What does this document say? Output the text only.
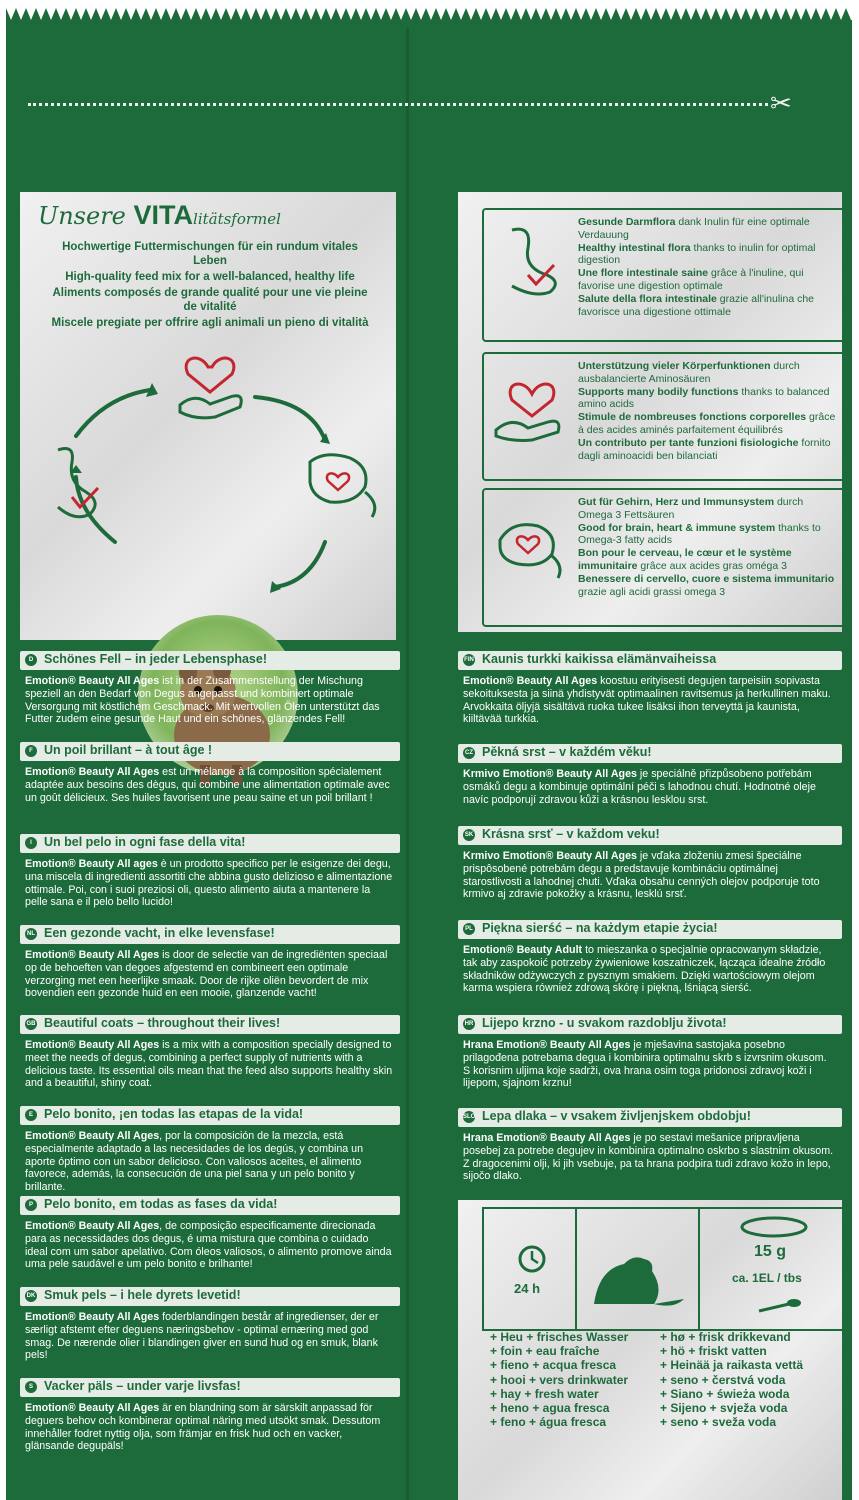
✂
Unsere VITAlitätsformel
Hochwertige Futtermischungen für ein rundum vitales Leben
High-quality feed mix for a well-balanced, healthy life
Aliments composés de grande qualité pour une vie pleine de vitalité
Miscele pregiate per offrire agli animali un pieno di vitalità
Gesunde Darmflora dank Inulin für eine optimale Verdauung
Healthy intestinal flora thanks to inulin for optimal digestion
Une flore intestinale saine grâce à l'inuline, qui favorise une digestion optimale
Salute della flora intestinale grazie all'inulina che favorisce una digestione ottimale
Unterstützung vieler Körperfunktionen durch ausbalancierte Aminosäuren
Supports many bodily functions thanks to balanced amino acids
Stimule de nombreuses fonctions corporelles grâce à des acides aminés parfaitement équilibrés
Un contributo per tante funzioni fisiologiche fornito dagli aminoacidi ben bilanciati
Gut für Gehirn, Herz und Immunsystem durch Omega 3 Fettsäuren
Good for brain, heart & immune system thanks to Omega-3 fatty acids
Bon pour le cerveau, le cœur et le système immunitaire grâce aux acides gras oméga 3
Benessere di cervello, cuore e sistema immunitario grazie agli acidi grassi omega 3
D Schönes Fell – in jeder Lebensphase!
Emotion® Beauty All Ages ist in der Zusammenstellung der Mischung speziell an den Bedarf von Degus angepasst und kombiniert optimale Versorgung mit köstlichem Geschmack. Mit wertvollen Ölen unterstützt das Futter zudem eine gesunde Haut und ein schönes, glänzendes Fell!
F Un poil brillant – à tout âge !
Emotion® Beauty All Ages est un mélange à la composition spécialement adaptée aux besoins des dègus, qui combine une alimentation optimale avec un goût délicieux. Ses huiles favorisent une peau saine et un poil brillant !
I Un bel pelo in ogni fase della vita!
Emotion® Beauty All ages è un prodotto specifico per le esigenze dei degu, una miscela di ingredienti assortiti che abbina gusto delizioso e alimentazione ottimale. Poi, con i suoi preziosi oli, questo alimento aiuta a mantenere la pelle sana e il pelo bello lucido!
NL Een gezonde vacht, in elke levensfase!
Emotion® Beauty All Ages is door de selectie van de ingrediënten speciaal op de behoeften van degoes afgestemd en combineert een optimale verzorging met een heerlijke smaak. Door de rijke oliën bevordert de mix bovendien een gezonde huid en een mooie, glanzende vacht!
GB Beautiful coats – throughout their lives!
Emotion® Beauty All Ages is a mix with a composition specially designed to meet the needs of degus, combining a perfect supply of nutrients with a delicious taste. Its essential oils mean that the feed also supports healthy skin and a beautiful, shiny coat.
E Pelo bonito, ¡en todas las etapas de la vida!
Emotion® Beauty All Ages, por la composición de la mezcla, está especialmente adaptado a las necesidades de los degús, y combina un aporte óptimo con un sabor delicioso. Con valiosos aceites, el alimento favorece, además, la consecución de una piel sana y un pelo bonito y brillante.
P Pelo bonito, em todas as fases da vida!
Emotion® Beauty All Ages, de composição especificamente direcionada para as necessidades dos degus, é uma mistura que combina o cuidado ideal com um sabor apelativo. Com óleos valiosos, o alimento promove ainda uma pele saudável e um pelo bonito e brilhante!
DK Smuk pels – i hele dyrets levetid!
Emotion® Beauty All Ages foderblandingen består af ingredienser, der er særligt afstemt efter deguens næringsbehov - optimal ernæring med god smag. De nærende olier i blandingen giver en sund hud og en smuk, blank pels!
S Vacker päls – under varje livsfas!
Emotion® Beauty All Ages är en blandning som är särskilt anpassad för deguers behov och kombinerar optimal näring med utsökt smak. Dessutom innehåller fodret nyttig olja, som främjar en frisk hud och en vacker, glänsande degupäls!
FIN Kaunis turkki kaikissa elämänvaiheissa
Emotion® Beauty All Ages koostuu erityisesti degujen tarpeisiin sopivasta sekoituksesta ja siinä yhdistyvät optimaalinen ravitsemus ja herkullinen maku. Arvokkaita öljyjä sisältävä ruoka tukee lisäksi ihon terveyttä ja kaunista, kiiltävää turkkia.
CZ Pěkná srst – v každém věku!
Krmivo Emotion® Beauty All Ages je speciálně přizpůsobeno potřebám osmáků degu a kombinuje optimální péči s lahodnou chutí. Hodnotné oleje navíc podporují zdravou kůži a krásnou lesklou srst.
SK Krásna srsť – v každom veku!
Krmivo Emotion® Beauty All Ages je vďaka zloženiu zmesi špeciálne prispôsobené potrebám degu a predstavuje kombináciu optimálnej starostlivosti a lahodnej chuti. Vďaka obsahu cenných olejov podporuje toto krmivo aj zdravie pokožky a krásnu, lesklú srsť.
PL Piękna sierść – na każdym etapie życia!
Emotion® Beauty Adult to mieszanka o specjalnie opracowanym składzie, tak aby zaspokoić potrzeby żywieniowe koszatniczek, łącząca idealne źródło składników odżywczych z pysznym smakiem. Dzięki wartościowym olejom karma wspiera również zdrową skórę i piękną, lśniącą sierść.
HR Lijepo krzno - u svakom razdoblju života!
Hrana Emotion® Beauty All Ages je mješavina sastojaka posebno prilagođena potrebama degua i kombinira optimalnu skrb s izvrsnim okusom. S korisnim uljima koje sadrži, ova hrana osim toga pridonosi zdravoj koži i lijepom, sjajnom krznu!
SLO Lepa dlaka – v vsakem življenjskem obdobju!
Hrana Emotion® Beauty All Ages je po sestavi mešanice pripravljena posebej za potrebe deguјev in kombinira optimalno oskrbo s slastnim okusom. Z dragocenimi olji, ki jih vsebuje, pa ta hrana podpira tudi zdravo kožo in lepo, sijočo dlako.
24 h
15 g
ca. 1EL / tbs
+ Heu + frisches Wasser
+ foin + eau fraîche
+ fieno + acqua fresca
+ hooi + vers drinkwater
+ hay + fresh water
+ heno + agua fresca
+ feno + água fresca
+ hø + frisk drikkevand
+ hö + friskt vatten
+ Heinää ja raikasta vettä
+ seno + čerstvá voda
+ Siano + świeża woda
+ Sijeno + svježa voda
+ seno + sveža voda
